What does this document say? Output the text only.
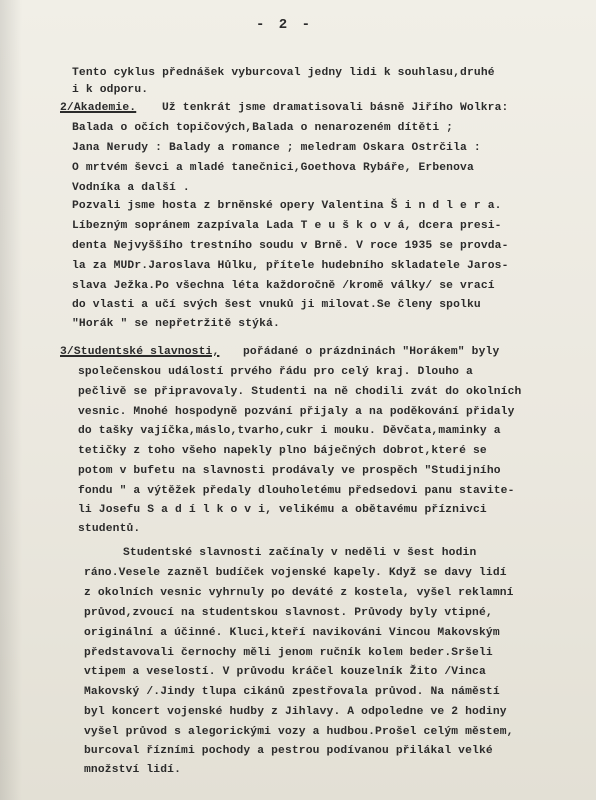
- 2 -

Tento cyklus přednášek vyburcoval jedny lidi k souhlasu,druhé

i k odporu.

2/Akademie. Už tenkrát jsme dramatisovali básně Jiřího Wolkra:

Balada o očích topičových,Balada o nenarozeném dítěti ;

Jana Nerudy : Balady a romance ; meledram Oskara Ostrčila :

O mrtvém ševci a mladé tanečnici,Goethova Rybáře, Erbenova

Vodníka a další .

Pozvali jsme hosta z brněnské opery Valentina Š i n d l e r a.

Líbezným sopránem zazpívala Lada T e u š k o v á, dcera presi-

denta Nejvyššího trestního soudu v Brně. V roce 1935 se provda-

la za MUDr.Jaroslava Hůlku, přítele hudebního skladatele Jaros-

slava Ježka.Po všechna léta každoročně /kromě války/ se vrací

do vlasti a učí svých šest vnuků ji milovat.Se členy spolku

"Horák " se nepřetržitě stýká.

3/Studentské slavnosti, pořádané o prázdninách "Horákem" byly

společenskou událostí prvého řádu pro celý kraj. Dlouho a

pečlivě se připravovaly. Studenti na ně chodili zvát do okolních

vesnic. Mnohé hospodyně pozvání přijaly a na poděkování přidaly

do tašky vajíčka,máslo,tvarho,cukr i mouku. Děvčata,maminky a

tetičky z toho všeho napekly plno báječných dobrot,které se

potom v bufetu na slavnosti prodávaly ve prospěch "Studijního

fondu " a výtěžek předaly dlouholetému předsedovi panu stavite-

li Josefu S a d í l k o v i, velikému a obětavému příznivci

studentů.

Studentské slavnosti začínaly v neděli v šest hodin

ráno.Vesele zazněl budíček vojenské kapely. Když se davy lidí

z okolních vesnic vyhrnuly po deváté z kostela, vyšel reklamní

průvod,zvoucí na studentskou slavnost. Průvody byly vtipné,

originální a účinné. Kluci,kteří navikováni Vincou Makovským

představovali černochy měli jenom ručník kolem beder.Sršeli

vtipem a veselostí. V průvodu kráčel kouzelník Žito /Vinca

Makovský /.Jindy tlupa cikánů zpestřovala průvod. Na náměstí

byl koncert vojenské hudby z Jihlavy. A odpoledne ve 2 hodiny

vyšel průvod s alegorickými vozy a hudbou.Prošel celým městem,

burcoval řízními pochody a pestrou podívanou přilákal velké

množství lidí.
